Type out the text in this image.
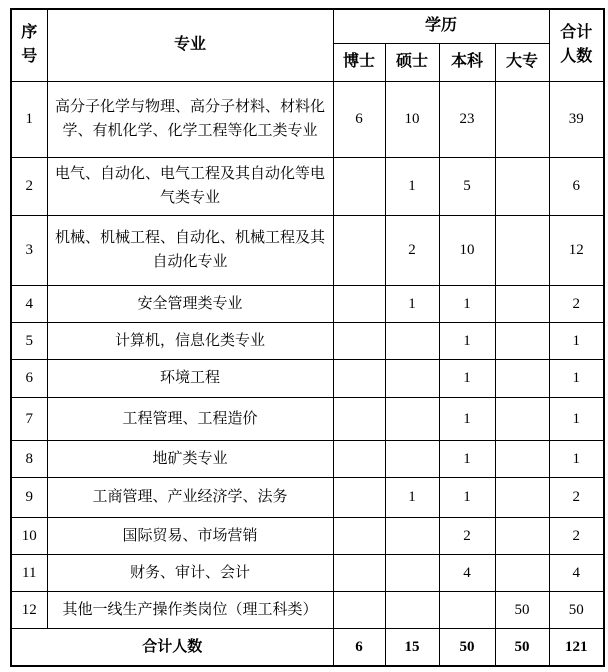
序号	专业	学历				合计人数
		博士	硕士	本科	大专	
1	高分子化学与物理、高分子材料、材料化学、有机化学、化学工程等化工类专业	6	10	23		39
2	电气、自动化、电气工程及其自动化等电气类专业		1	5		6
3	机械、机械工程、自动化、机械工程及其自动化专业		2	10		12
4	安全管理类专业		1	1		2
5	计算机，信息化类专业			1		1
6	环境工程			1		1
7	工程管理、工程造价			1		1
8	地矿类专业			1		1
9	工商管理、产业经济学、法务		1	1		2
10	国际贸易、市场营销			2		2
11	财务、审计、会计			4		4
12	其他一线生产操作类岗位（理工科类）				50	50
合计人数		6	15	50	50	121
